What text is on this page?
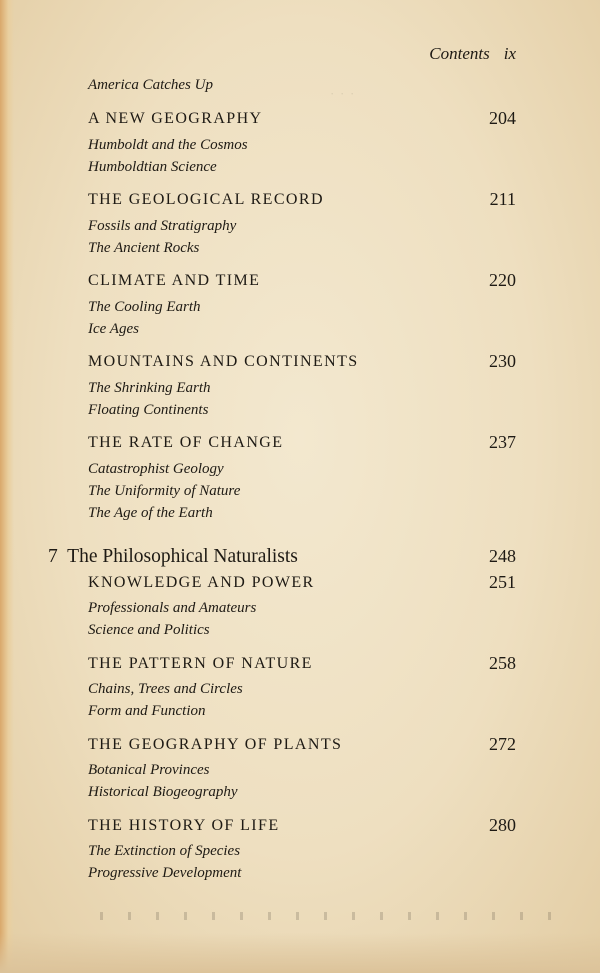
Contents ix
· · ·
America Catches Up
A NEW GEOGRAPHY	204
Humboldt and the Cosmos
Humboldtian Science
THE GEOLOGICAL RECORD	211
Fossils and Stratigraphy
The Ancient Rocks
CLIMATE AND TIME	220
The Cooling Earth
Ice Ages
MOUNTAINS AND CONTINENTS	230
The Shrinking Earth
Floating Continents
THE RATE OF CHANGE	237
Catastrophist Geology
The Uniformity of Nature
The Age of the Earth
7 The Philosophical Naturalists	248
KNOWLEDGE AND POWER	251
Professionals and Amateurs
Science and Politics
THE PATTERN OF NATURE	258
Chains, Trees and Circles
Form and Function
THE GEOGRAPHY OF PLANTS	272
Botanical Provinces
Historical Biogeography
THE HISTORY OF LIFE	280
The Extinction of Species
Progressive Development
